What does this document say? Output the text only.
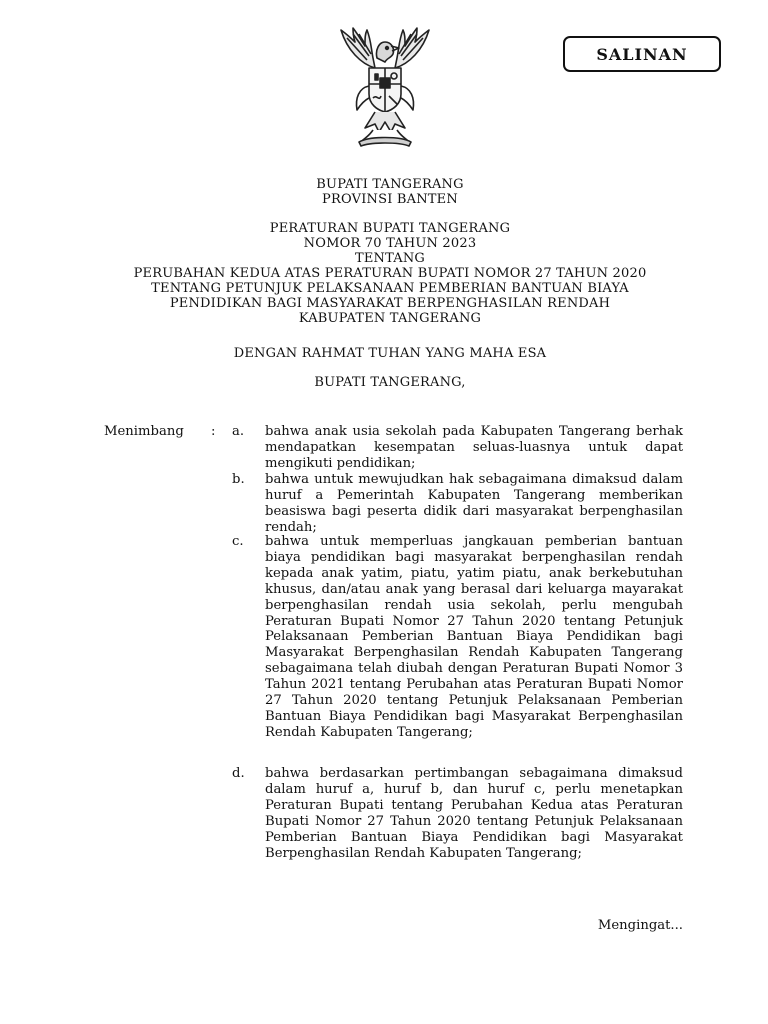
SALINAN
BUPATI TANGERANG
PROVINSI BANTEN
PERATURAN BUPATI TANGERANG
NOMOR 70 TAHUN 2023
TENTANG
PERUBAHAN KEDUA ATAS PERATURAN BUPATI NOMOR 27 TAHUN 2020
TENTANG PETUNJUK PELAKSANAAN PEMBERIAN BANTUAN BIAYA
PENDIDIKAN BAGI MASYARAKAT BERPENGHASILAN RENDAH
KABUPATEN TANGERANG
DENGAN RAHMAT TUHAN YANG MAHA ESA
BUPATI TANGERANG,
Menimbang : a. bahwa anak usia sekolah pada Kabupaten Tangerang berhak mendapatkan kesempatan seluas-luasnya untuk dapat mengikuti pendidikan;
b. bahwa untuk mewujudkan hak sebagaimana dimaksud dalam huruf a Pemerintah Kabupaten Tangerang memberikan beasiswa bagi peserta didik dari masyarakat berpenghasilan rendah;
c. bahwa untuk memperluas jangkauan pemberian bantuan biaya pendidikan bagi masyarakat berpenghasilan rendah kepada anak yatim, piatu, yatim piatu, anak berkebutuhan khusus, dan/atau anak yang berasal dari keluarga mayarakat berpenghasilan rendah usia sekolah, perlu mengubah Peraturan Bupati Nomor 27 Tahun 2020 tentang Petunjuk Pelaksanaan Pemberian Bantuan Biaya Pendidikan bagi Masyarakat Berpenghasilan Rendah Kabupaten Tangerang sebagaimana telah diubah dengan Peraturan Bupati Nomor 3 Tahun 2021 tentang Perubahan atas Peraturan Bupati Nomor 27 Tahun 2020 tentang Petunjuk Pelaksanaan Pemberian Bantuan Biaya Pendidikan bagi Masyarakat Berpenghasilan Rendah Kabupaten Tangerang;
d. bahwa berdasarkan pertimbangan sebagaimana dimaksud dalam huruf a, huruf b, dan huruf c, perlu menetapkan Peraturan Bupati tentang Perubahan Kedua atas Peraturan Bupati Nomor 27 Tahun 2020 tentang Petunjuk Pelaksanaan Pemberian Bantuan Biaya Pendidikan bagi Masyarakat Berpenghasilan Rendah Kabupaten Tangerang;
Mengingat...
